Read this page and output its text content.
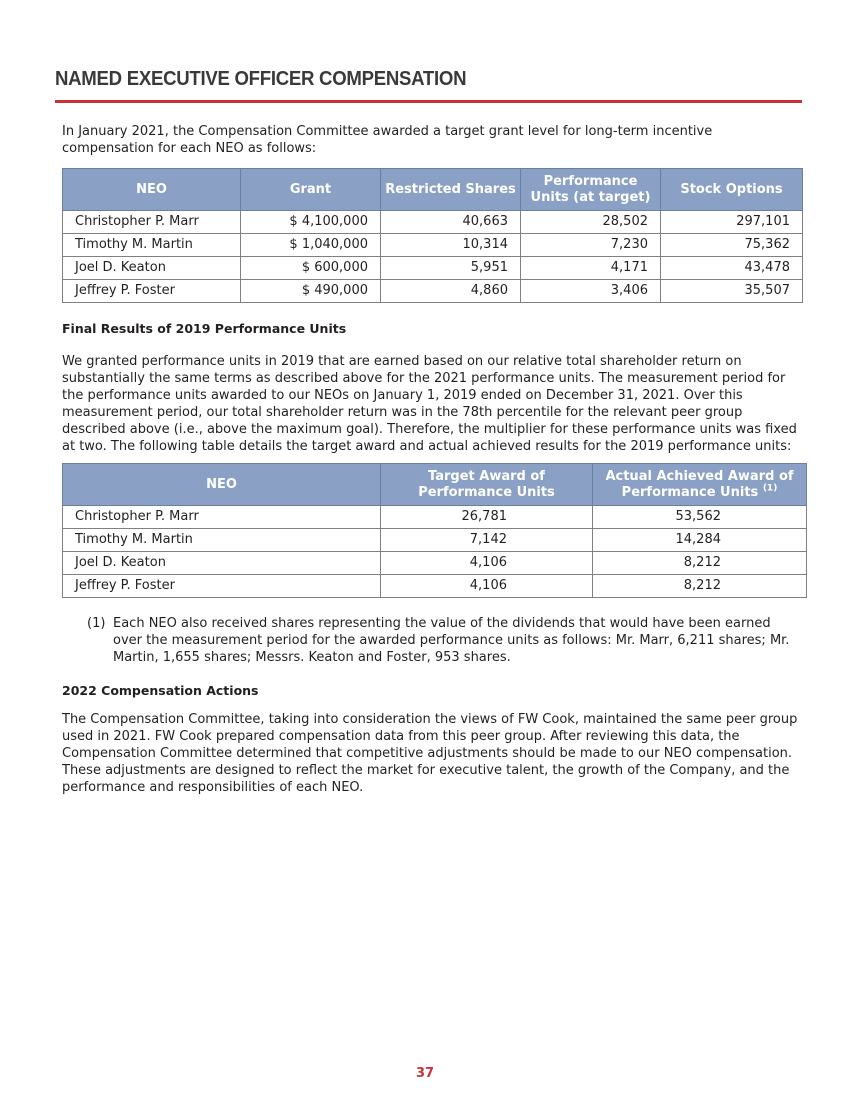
NAMED EXECUTIVE OFFICER COMPENSATION

In January 2021, the Compensation Committee awarded a target grant level for long-term incentive compensation for each NEO as follows:

NEO	Grant	Restricted Shares	Performance Units (at target)	Stock Options
Christopher P. Marr	$ 4,100,000	40,663	28,502	297,101
Timothy M. Martin	$ 1,040,000	10,314	7,230	75,362
Joel D. Keaton	$ 600,000	5,951	4,171	43,478
Jeffrey P. Foster	$ 490,000	4,860	3,406	35,507

Final Results of 2019 Performance Units

We granted performance units in 2019 that are earned based on our relative total shareholder return on substantially the same terms as described above for the 2021 performance units. The measurement period for the performance units awarded to our NEOs on January 1, 2019 ended on December 31, 2021. Over this measurement period, our total shareholder return was in the 78th percentile for the relevant peer group described above (i.e., above the maximum goal). Therefore, the multiplier for these performance units was fixed at two. The following table details the target award and actual achieved results for the 2019 performance units:

NEO	Target Award of Performance Units	Actual Achieved Award of Performance Units $^{(1)}$
Christopher P. Marr	26,781	53,562
Timothy M. Martin	7,142	14,284
Joel D. Keaton	4,106	8,212
Jeffrey P. Foster	4,106	8,212
(1) Each NEO also received shares representing the value of the dividends that would have been earned over the measurement period for the awarded performance units as follows: Mr. Marr, 6,211 shares; Mr. Martin, 1,655 shares; Messrs. Keaton and Foster, 953 shares.

2022 Compensation Actions

The Compensation Committee, taking into consideration the views of FW Cook, maintained the same peer group used in 2021. FW Cook prepared compensation data from this peer group. After reviewing this data, the Compensation Committee determined that competitive adjustments should be made to our NEO compensation. These adjustments are designed to reflect the market for executive talent, the growth of the Company, and the performance and responsibilities of each NEO.

37
